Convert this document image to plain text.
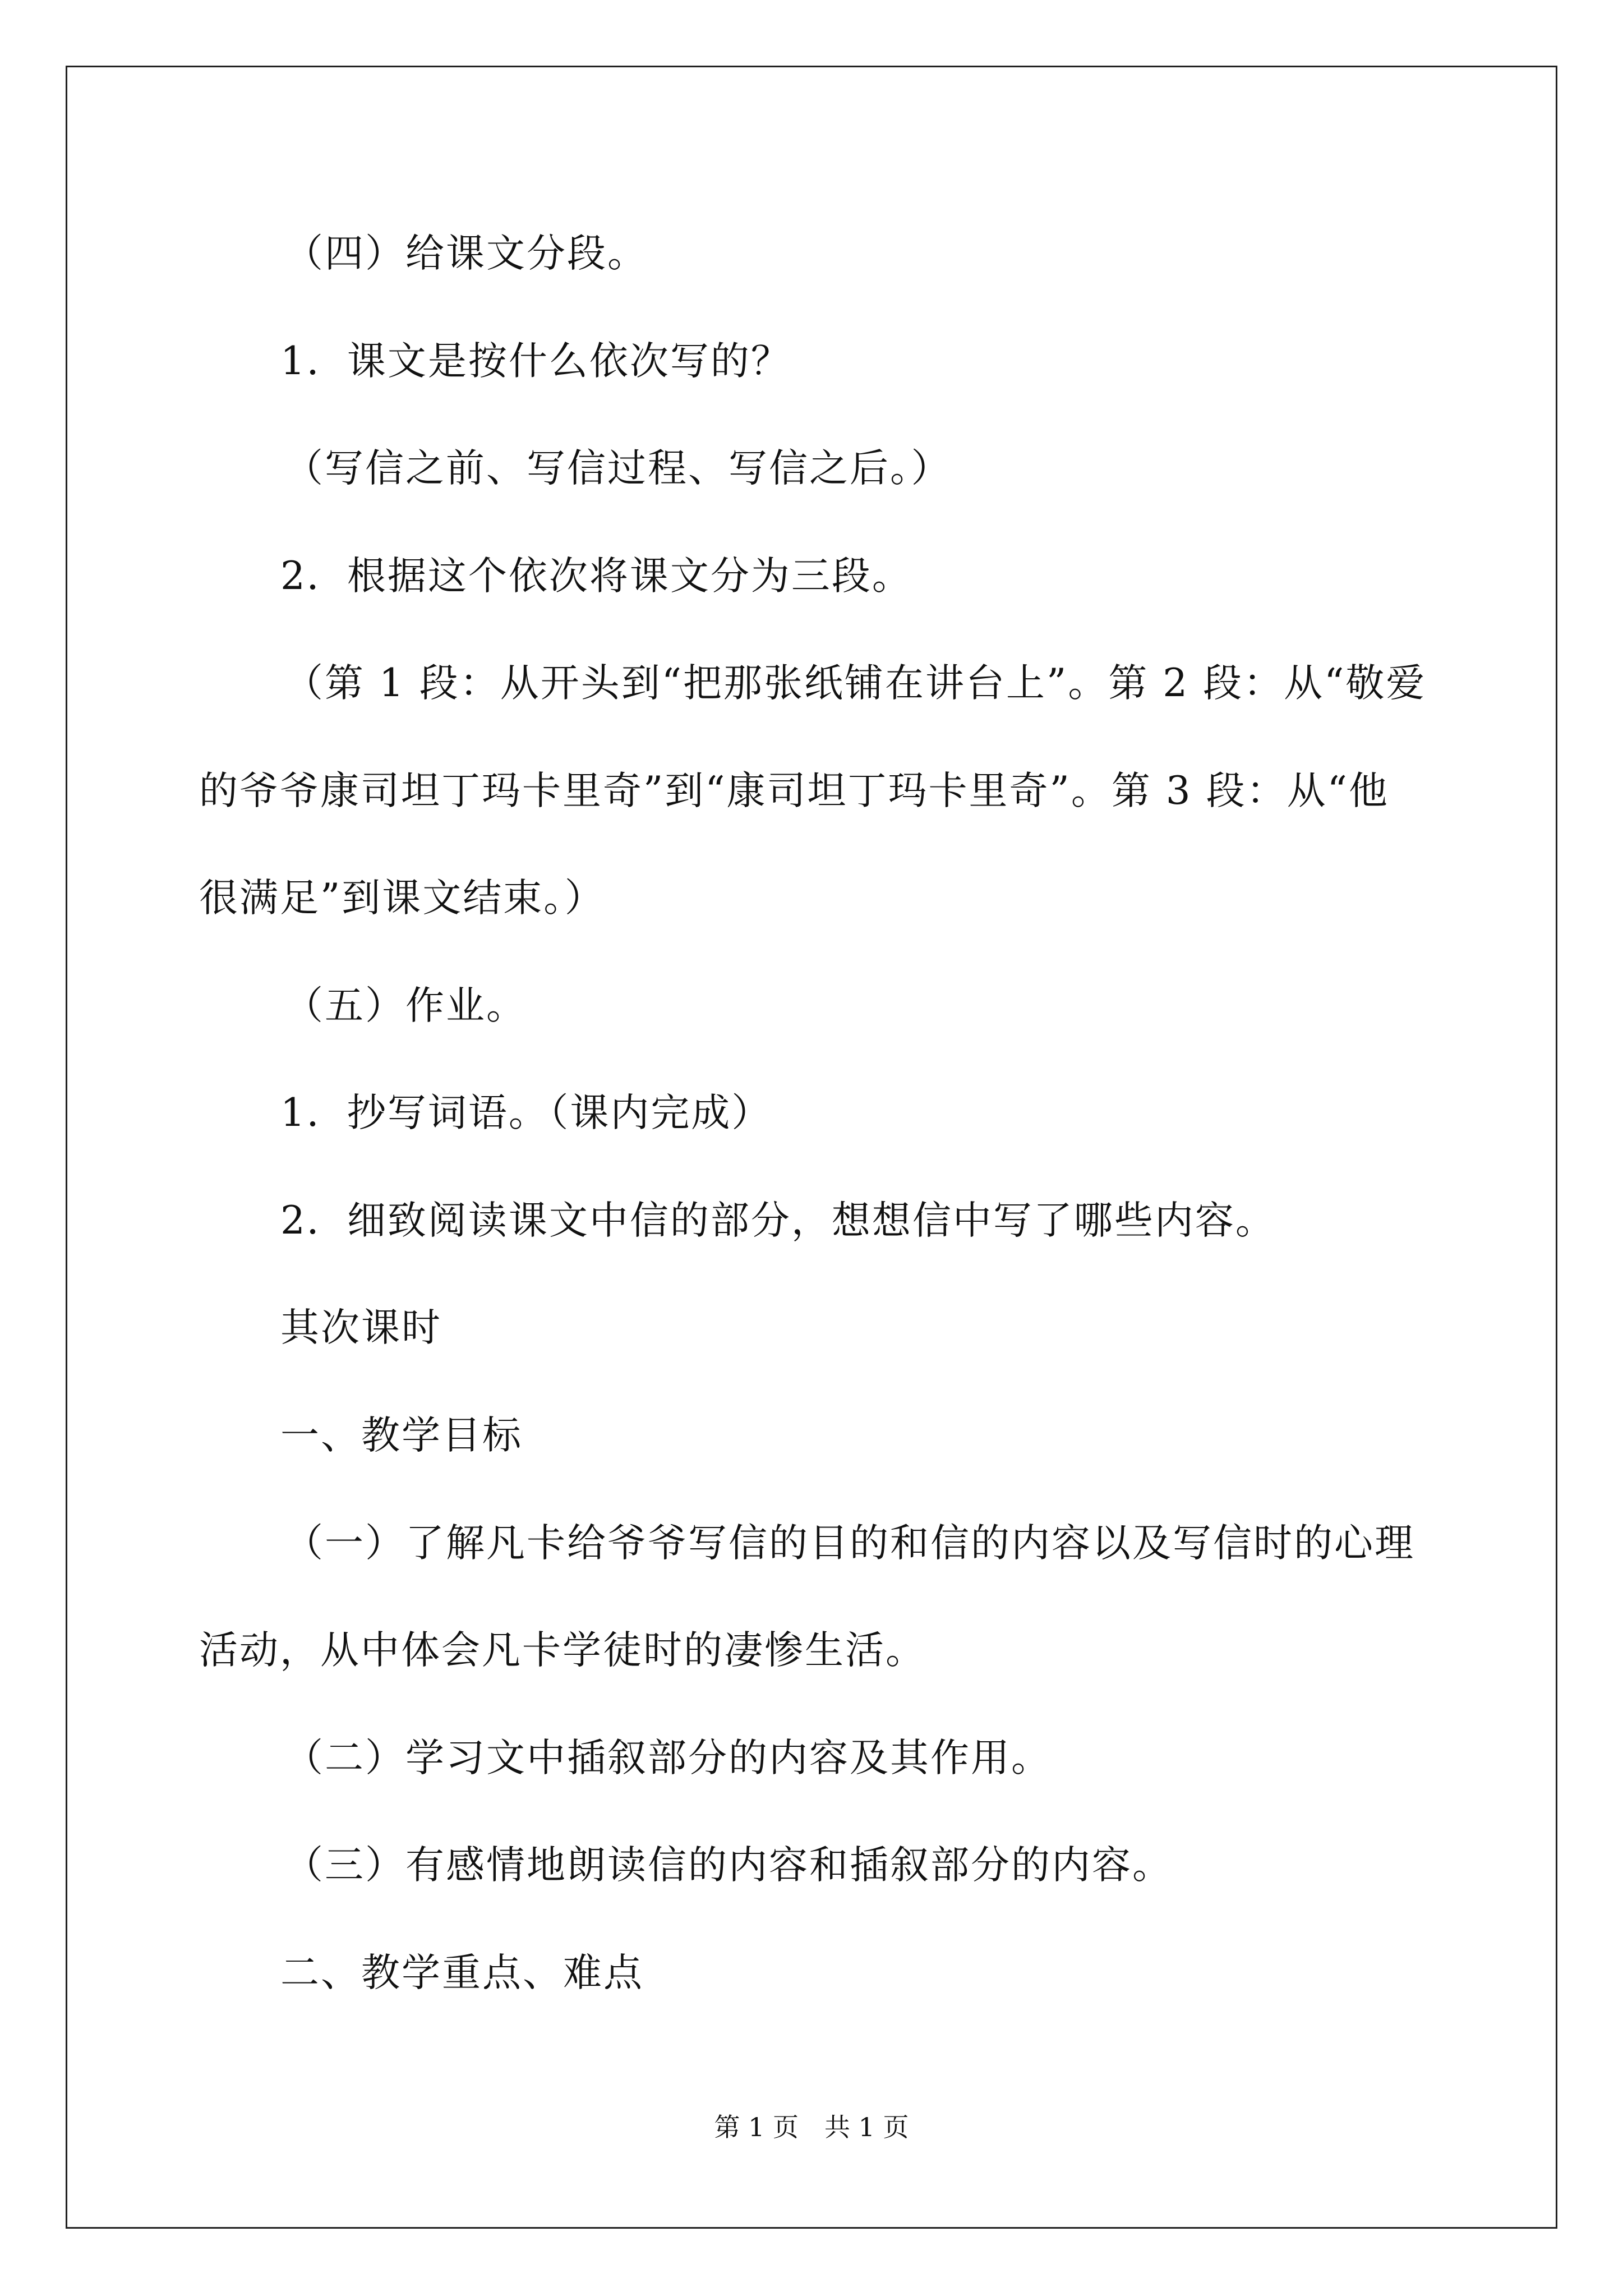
（四）给课文分段。
1．课文是按什么依次写的？
（写信之前、写信过程、写信之后。）
2．根据这个依次将课文分为三段。
（第 1 段：从开头到“把那张纸铺在讲台上”。第 2 段：从“敬爱
的爷爷康司坦丁玛卡里奇”到“康司坦丁玛卡里奇”。第 3 段：从“他
很满足”到课文结束。）
（五）作业。
1．抄写词语。（课内完成）
2．细致阅读课文中信的部分，想想信中写了哪些内容。
其次课时
一、教学目标
（一）了解凡卡给爷爷写信的目的和信的内容以及写信时的心理
活动，从中体会凡卡学徒时的凄惨生活。
（二）学习文中插叙部分的内容及其作用。
（三）有感情地朗读信的内容和插叙部分的内容。
二、教学重点、难点
第 1 页　共 1 页
